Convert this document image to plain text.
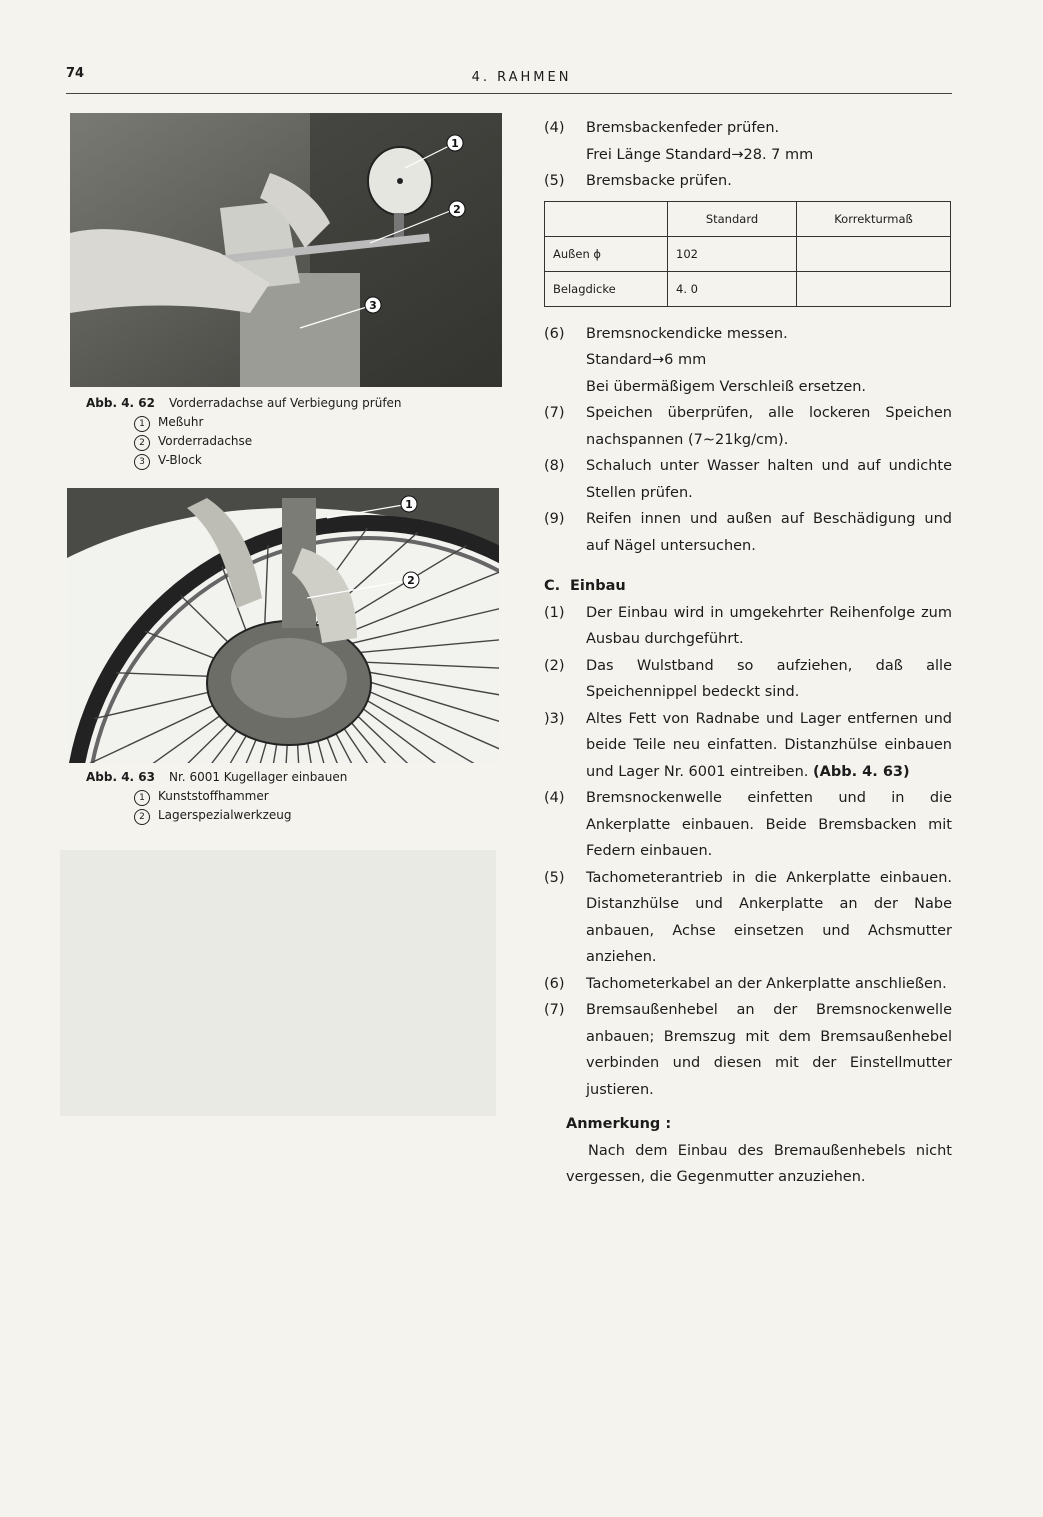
74	4. RAHMEN
1
2
3
Abb. 4. 62 Vorderradachse auf Verbiegung prüfen
1 Meßuhr
2 Vorderradachse
3 V-Block
1
2
Abb. 4. 63 Nr. 6001 Kugellager einbauen
1 Kunststoffhammer
2 Lagerspezialwerkzeug
(4) Bremsbackenfeder prüfen.
Frei Länge Standard→28. 7 mm
(5) Bremsbacke prüfen.
	Standard	Korrekturmaß
Außen ϕ	102	
Belagdicke	4. 0	
(6) Bremsnockendicke messen.
Standard→6 mm
Bei übermäßigem Verschleiß ersetzen.
(7) Speichen überprüfen, alle lockeren Speichen nachspannen (7∼21kg/cm).
(8) Schaluch unter Wasser halten und auf undichte Stellen prüfen.
(9) Reifen innen und außen auf Beschädigung und auf Nägel untersuchen.
C. Einbau
(1) Der Einbau wird in umgekehrter Reihenfolge zum Ausbau durchgeführt.
(2) Das Wulstband so aufziehen, daß alle Speichennippel bedeckt sind.
)3) Altes Fett von Radnabe und Lager entfernen und beide Teile neu einfatten. Distanzhülse einbauen und Lager Nr. 6001 eintreiben. (Abb. 4. 63)
(4) Bremsnockenwelle einfetten und in die Ankerplatte einbauen. Beide Bremsbacken mit Federn einbauen.
(5) Tachometerantrieb in die Ankerplatte einbauen. Distanzhülse und Ankerplatte an der Nabe anbauen, Achse einsetzen und Achsmutter anziehen.
(6) Tachometerkabel an der Ankerplatte anschließen.
(7) Bremsaußenhebel an der Bremsnockenwelle anbauen; Bremszug mit dem Bremsaußenhebel verbinden und diesen mit der Einstellmutter justieren.
Anmerkung :
Nach dem Einbau des Bremaußenhebels nicht vergessen, die Gegenmutter anzuziehen.
